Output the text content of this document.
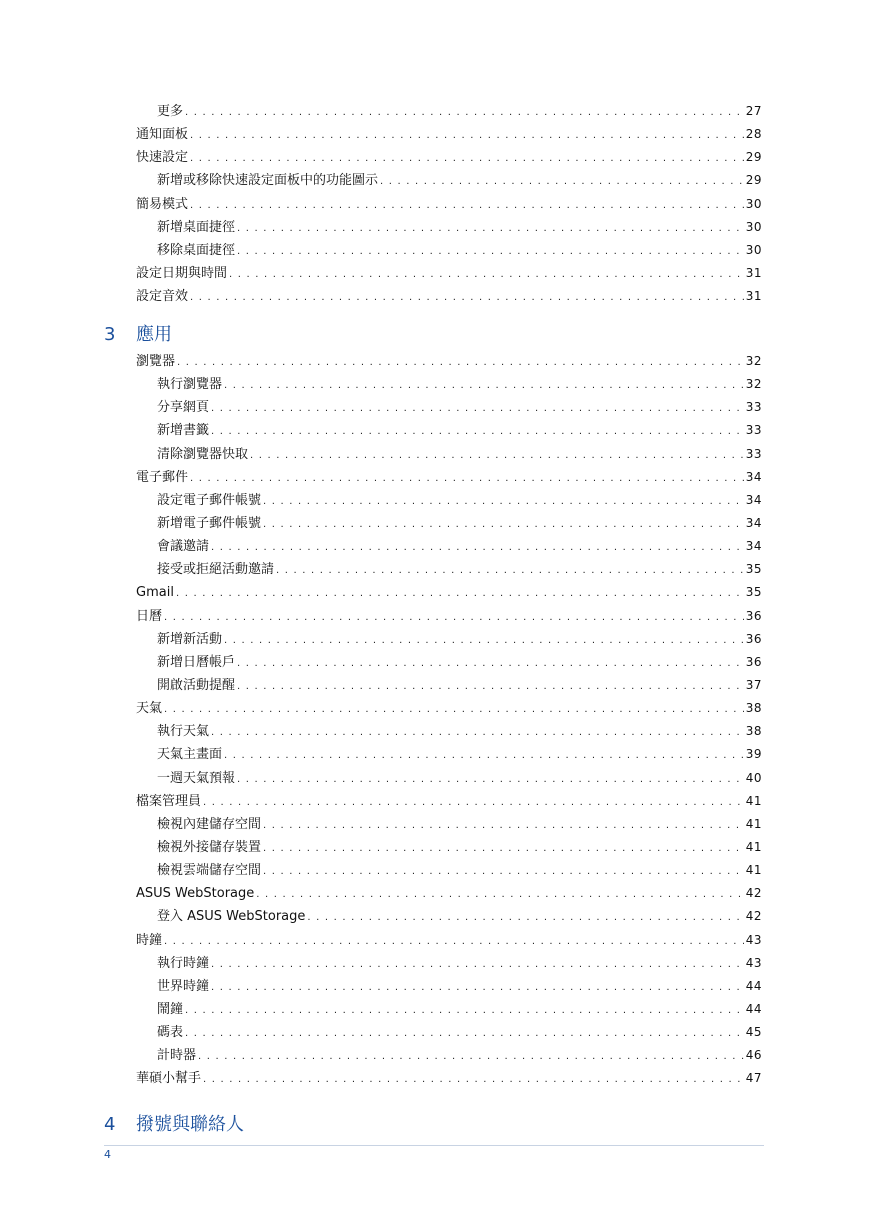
更多 . . .	27
通知面板 . . .	28
快速設定 . . .	29
新增或移除快速設定面板中的功能圖示 . . .	29
簡易模式 . . .	30
新增桌面捷徑 . . .	30
移除桌面捷徑 . . .	30
設定日期與時間 . . .	31
設定音效 . . .	31
3 應用
瀏覽器 . . .	32
執行瀏覽器 . . .	32
分享網頁 . . .	33
新增書籤 . . .	33
清除瀏覽器快取 . . .	33
電子郵件 . . .	34
設定電子郵件帳號 . . .	34
新增電子郵件帳號 . . .	34
會議邀請 . . .	34
接受或拒絕活動邀請 . . .	35
Gmail . . .	35
日曆 . . .	36
新增新活動 . . .	36
新增日曆帳戶 . . .	36
開啟活動提醒 . . .	37
天氣 . . .	38
執行天氣 . . .	38
天氣主畫面 . . .	39
一週天氣預報 . . .	40
檔案管理員 . . .	41
檢視內建儲存空間 . . .	41
檢視外接儲存裝置 . . .	41
檢視雲端儲存空間 . . .	41
ASUS WebStorage . . .	42
登入 ASUS WebStorage . . .	42
時鐘 . . .	43
執行時鐘 . . .	43
世界時鐘 . . .	44
鬧鐘 . . .	44
碼表 . . .	45
計時器 . . .	46
華碩小幫手 . . .	47
4 撥號與聯絡人
4
